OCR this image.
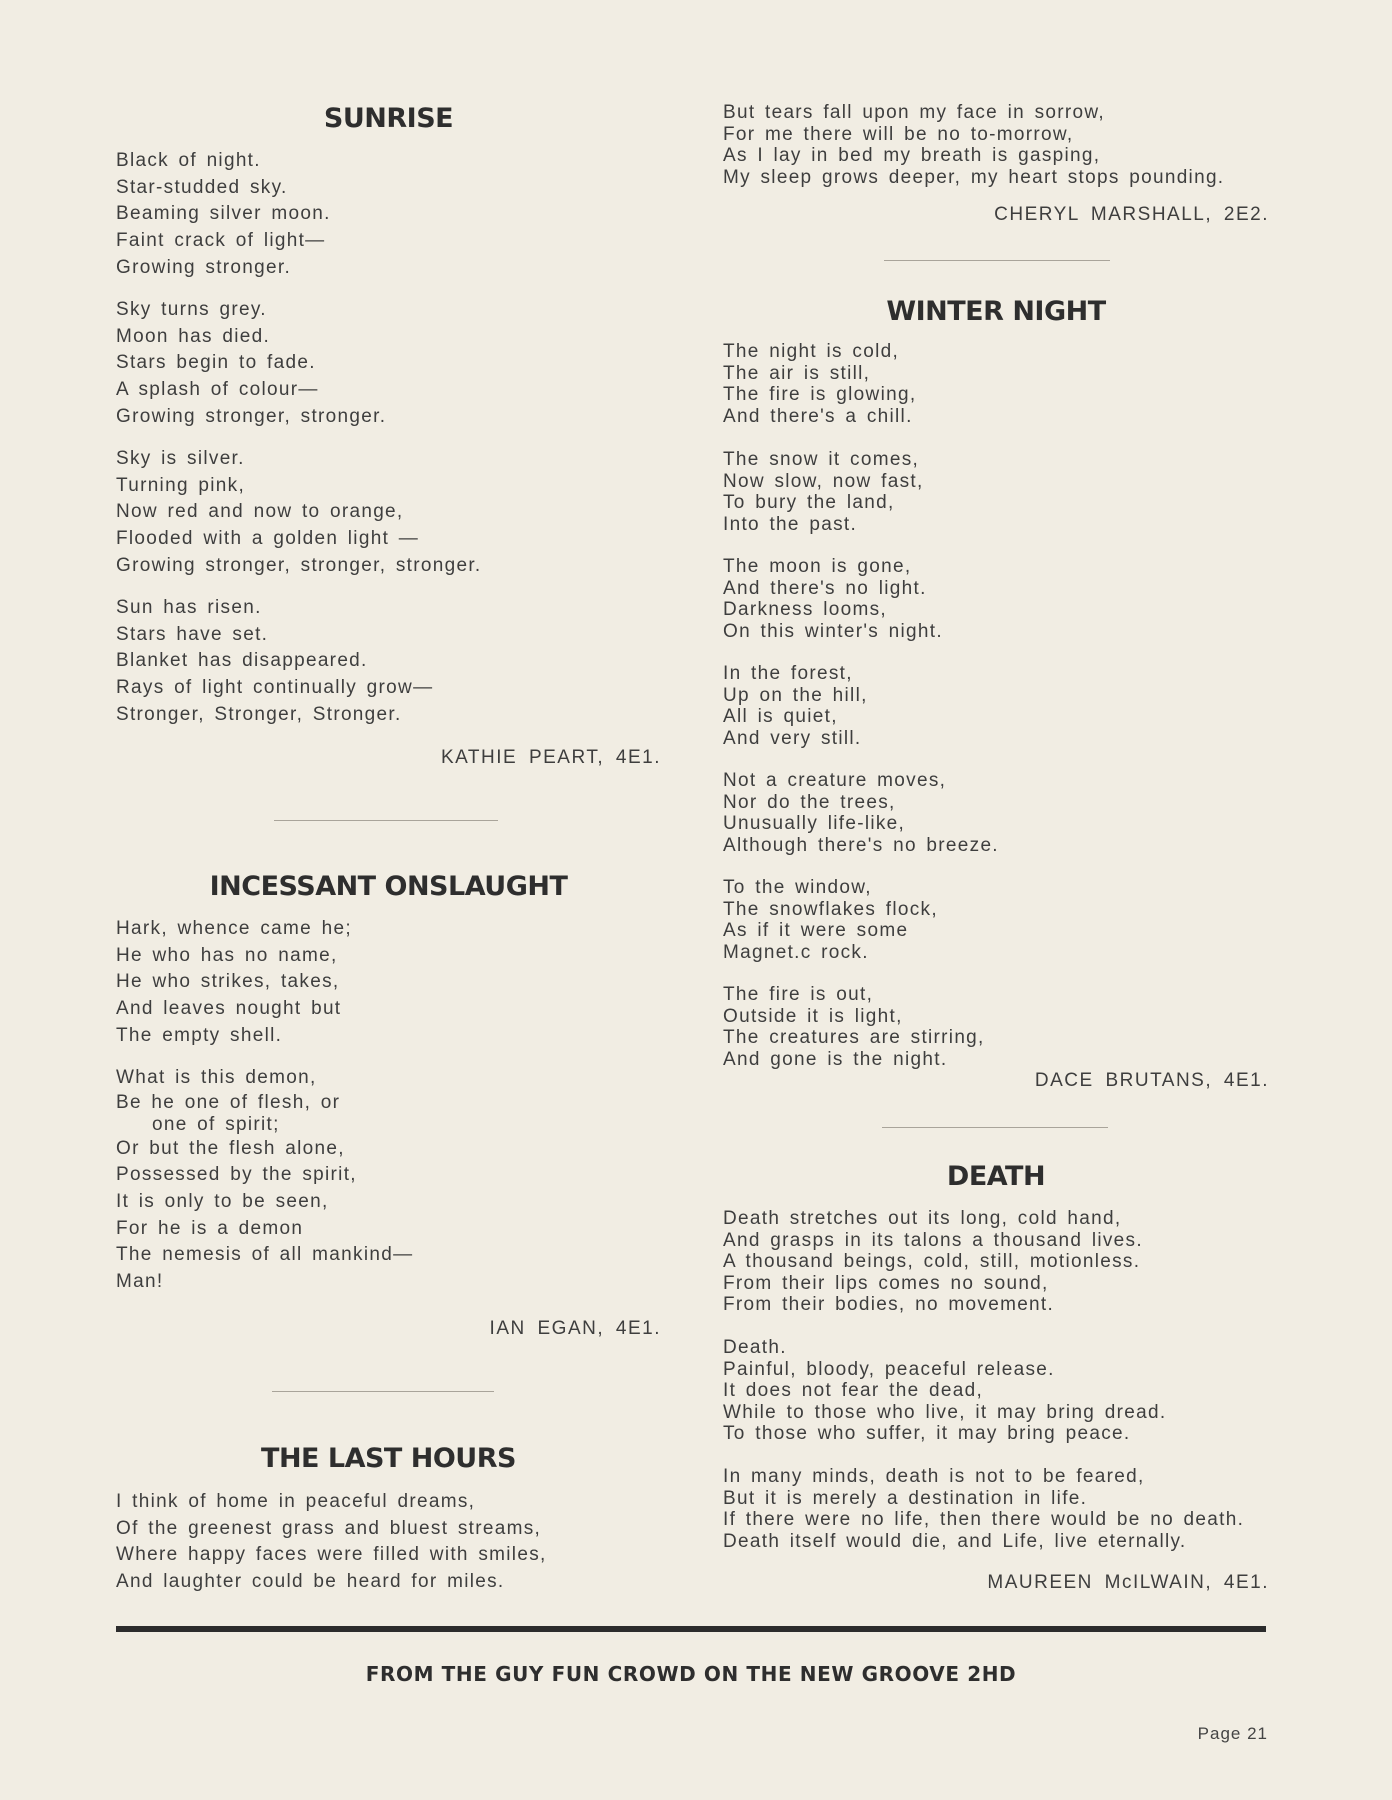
SUNRISE
Black of night.
Star-studded sky.
Beaming silver moon.
Faint crack of light—
Growing stronger.
Sky turns grey.
Moon has died.
Stars begin to fade.
A splash of colour—
Growing stronger, stronger.
Sky is silver.
Turning pink,
Now red and now to orange,
Flooded with a golden light —
Growing stronger, stronger, stronger.
Sun has risen.
Stars have set.
Blanket has disappeared.
Rays of light continually grow—
Stronger, Stronger, Stronger.
KATHIE PEART, 4E1.
INCESSANT ONSLAUGHT
Hark, whence came he;
He who has no name,
He who strikes, takes,
And leaves nought but
The empty shell.
What is this demon,
Be he one of flesh, or
one of spirit;
Or but the flesh alone,
Possessed by the spirit,
It is only to be seen,
For he is a demon
The nemesis of all mankind—
Man!
IAN EGAN, 4E1.
THE LAST HOURS
I think of home in peaceful dreams,
Of the greenest grass and bluest streams,
Where happy faces were filled with smiles,
And laughter could be heard for miles.
But tears fall upon my face in sorrow,
For me there will be no to-morrow,
As I lay in bed my breath is gasping,
My sleep grows deeper, my heart stops pounding.
CHERYL MARSHALL, 2E2.
WINTER NIGHT
The night is cold,
The air is still,
The fire is glowing,
And there's a chill.
The snow it comes,
Now slow, now fast,
To bury the land,
Into the past.
The moon is gone,
And there's no light.
Darkness looms,
On this winter's night.
In the forest,
Up on the hill,
All is quiet,
And very still.
Not a creature moves,
Nor do the trees,
Unusually life-like,
Although there's no breeze.
To the window,
The snowflakes flock,
As if it were some
Magnet.c rock.
The fire is out,
Outside it is light,
The creatures are stirring,
And gone is the night.
DACE BRUTANS, 4E1.
DEATH
Death stretches out its long, cold hand,
And grasps in its talons a thousand lives.
A thousand beings, cold, still, motionless.
From their lips comes no sound,
From their bodies, no movement.
Death.
Painful, bloody, peaceful release.
It does not fear the dead,
While to those who live, it may bring dread.
To those who suffer, it may bring peace.
In many minds, death is not to be feared,
But it is merely a destination in life.
If there were no life, then there would be no death.
Death itself would die, and Life, live eternally.
MAUREEN McILWAIN, 4E1.
FROM THE GUY FUN CROWD ON THE NEW GROOVE 2HD
Page 21
